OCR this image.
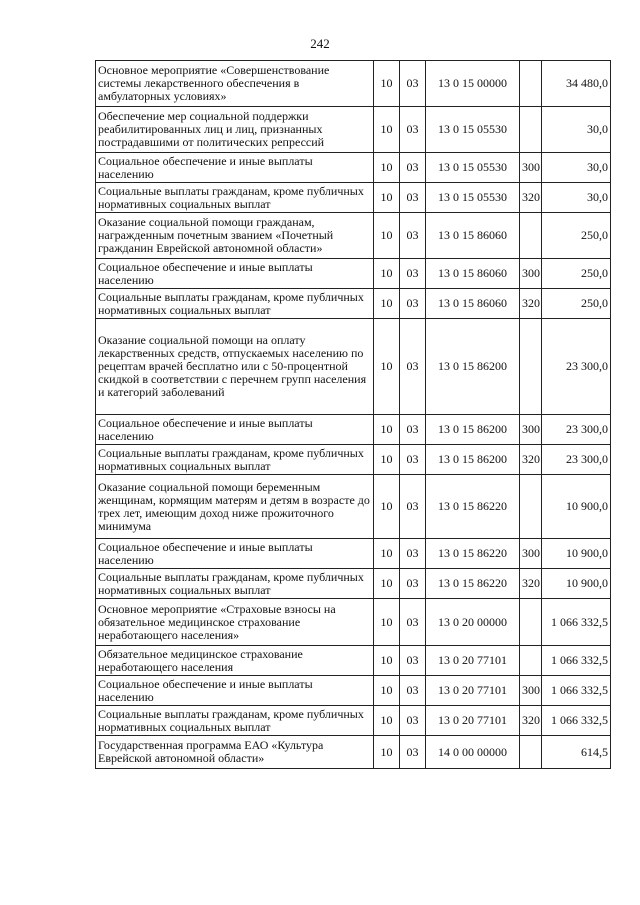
242
Основное мероприятие «Совершенствование системы лекарственного обеспечения в амбулаторных условиях»	10	03	13 0 15 00000		34 480,0
Обеспечение мер социальной поддержки реабилитированных лиц и лиц, признанных пострадавшими от политических репрессий	10	03	13 0 15 05530		30,0
Социальное обеспечение и иные выплаты населению	10	03	13 0 15 05530	300	30,0
Социальные выплаты гражданам, кроме публичных нормативных социальных выплат	10	03	13 0 15 05530	320	30,0
Оказание социальной помощи гражданам, награжденным почетным званием «Почетный гражданин Еврейской автономной области»	10	03	13 0 15 86060		250,0
Социальное обеспечение и иные выплаты населению	10	03	13 0 15 86060	300	250,0
Социальные выплаты гражданам, кроме публичных нормативных социальных выплат	10	03	13 0 15 86060	320	250,0
Оказание социальной помощи на оплату лекарственных средств, отпускаемых населению по рецептам врачей бесплатно или с 50-процентной скидкой в соответствии с перечнем групп населения и категорий заболеваний	10	03	13 0 15 86200		23 300,0
Социальное обеспечение и иные выплаты населению	10	03	13 0 15 86200	300	23 300,0
Социальные выплаты гражданам, кроме публичных нормативных социальных выплат	10	03	13 0 15 86200	320	23 300,0
Оказание социальной помощи беременным женщинам, кормящим матерям и детям в возрасте до трех лет, имеющим доход ниже прожиточного минимума	10	03	13 0 15 86220		10 900,0
Социальное обеспечение и иные выплаты населению	10	03	13 0 15 86220	300	10 900,0
Социальные выплаты гражданам, кроме публичных нормативных социальных выплат	10	03	13 0 15 86220	320	10 900,0
Основное мероприятие «Страховые взносы на обязательное медицинское страхование неработающего населения»	10	03	13 0 20 00000		1 066 332,5
Обязательное медицинское страхование неработающего населения	10	03	13 0 20 77101		1 066 332,5
Социальное обеспечение и иные выплаты населению	10	03	13 0 20 77101	300	1 066 332,5
Социальные выплаты гражданам, кроме публичных нормативных социальных выплат	10	03	13 0 20 77101	320	1 066 332,5
Государственная программа ЕАО «Культура Еврейской автономной области»	10	03	14 0 00 00000		614,5
